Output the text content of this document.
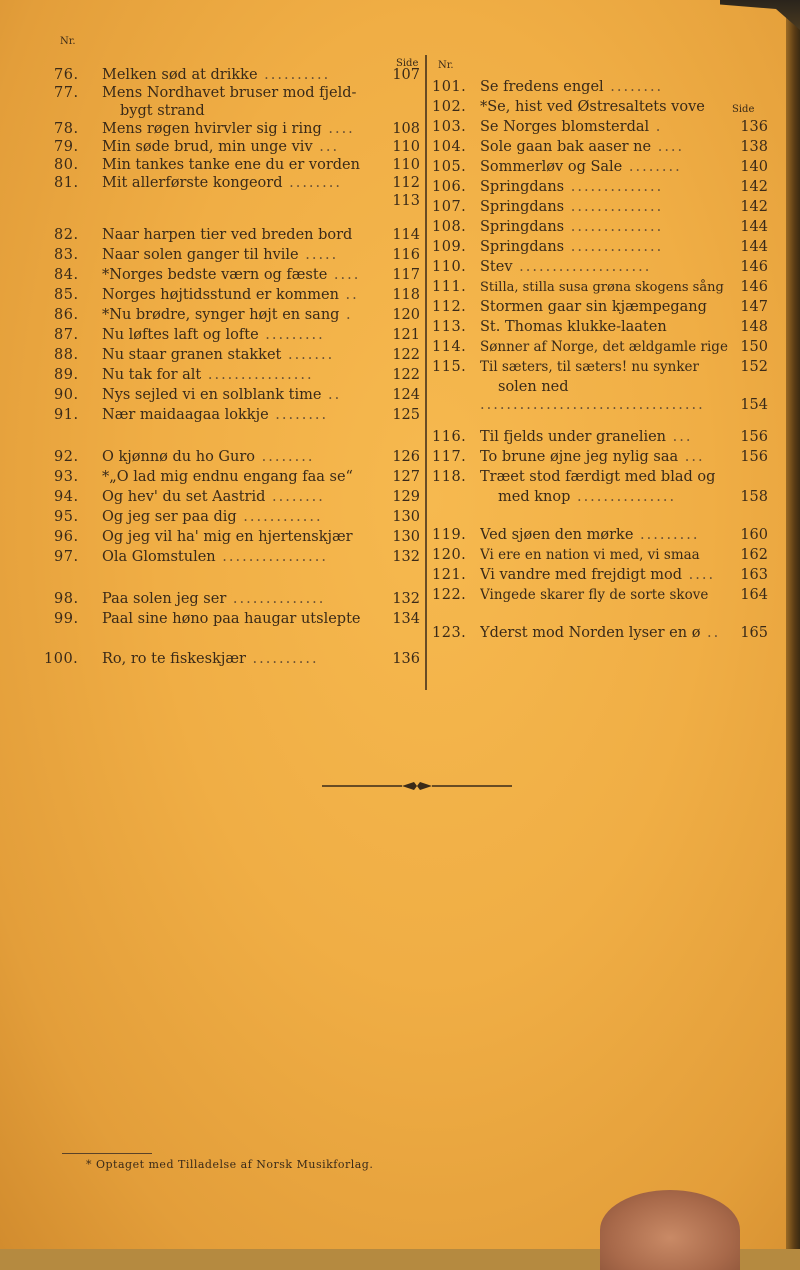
Nr.
Side
76.	Melken sød at drikke ..........	107
77.	Mens Nordhavet bruser mod fjeld-
bygt strand
78.	Mens røgen hvirvler sig i ring ....	108
79.	Min søde brud, min unge viv ...	110
80.	Min tankes tanke ene du er vorden	110
81.	Mit allerførste kongeord ........	112
113
82.	Naar harpen tier ved breden bord	114
83.	Naar solen ganger til hvile .....	116
84.	*Norges bedste værn og fæste ....	117
85.	Norges højtidsstund er kommen ..	118
86.	*Nu brødre, synger højt en sang .	120
87.	Nu løftes laft og lofte .........	121
88.	Nu staar granen stakket .......	122
89.	Nu tak for alt ................	122
90.	Nys sejled vi en solblank time ..	124
91.	Nær maidaagaa lokkje ........	125
92.	O kjønnø du ho Guro ........	126
93.	*„O lad mig endnu engang faa se“	127
94.	Og hev' du set Aastrid ........	129
95.	Og jeg ser paa dig ............	130
96.	Og jeg vil ha' mig en hjertenskjær	130
97.	Ola Glomstulen ................	132
98.	Paa solen jeg ser ..............	132
99.	Paal sine høno paa haugar utslepte	134
100.	Ro, ro te fiskeskjær ..........	136
Nr.
Side
101. Se fredens engel ........
102. *Se, hist ved Østresaltets vove
103. Se Norges blomsterdal .	136
104. Sole gaan bak aaser ne ....	138
105. Sommerløv og Sale ........	140
106. Springdans ..............	142
107. Springdans ..............	142
108. Springdans ..............	144
109. Springdans ..............	144
110. Stev ....................	146
111.	Stilla, stilla susa grøna skogens sång	146
112. Stormen gaar sin kjæmpegang	147
113. St. Thomas klukke-laaten	148
114.	Sønner af Norge, det ældgamle rige 150
115.	Til sæters, til sæters! nu synker	152
solen ned
..................................	154
116. Til fjelds under granelien ...	156
117. To brune øjne jeg nylig saa ...	156
118. Træet stod færdigt med blad og
med knop ...............	158
119. Ved sjøen den mørke .........	160
120.	Vi ere en nation vi med, vi smaa	162
121. Vi vandre med frejdigt mod ....	163
122.	Vingede skarer fly de sorte skove	164
123. Yderst mod Norden lyser en ø ..	165
* Optaget med Tilladelse af Norsk Musikforlag.
